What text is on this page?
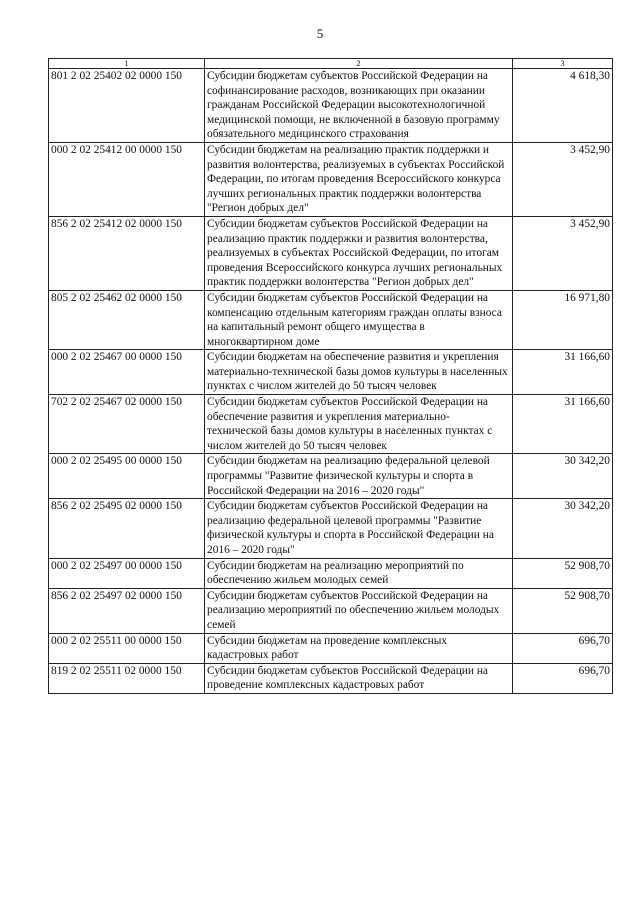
5
1	2	3
801 2 02 25402 02 0000 150	Субсидии бюджетам субъектов Российской Федерации на софинансирование расходов, возникающих при оказании гражданам Российской Федерации высокотехнологичной медицинской помощи, не включенной в базовую программу обязательного медицинского страхования	4 618,30
000 2 02 25412 00 0000 150	Субсидии бюджетам на реализацию практик поддержки и развития волонтерства, реализуемых в субъектах Российской Федерации, по итогам проведения Всероссийского конкурса лучших региональных практик поддержки волонтерства "Регион добрых дел"	3 452,90
856 2 02 25412 02 0000 150	Субсидии бюджетам субъектов Российской Федерации на реализацию практик поддержки и развития волонтерства, реализуемых в субъектах Российской Федерации, по итогам проведения Всероссийского конкурса лучших региональных практик поддержки волонтерства "Регион добрых дел"	3 452,90
805 2 02 25462 02 0000 150	Субсидии бюджетам субъектов Российской Федерации на компенсацию отдельным категориям граждан оплаты взноса на капитальный ремонт общего имущества в многоквартирном доме	16 971,80
000 2 02 25467 00 0000 150	Субсидии бюджетам на обеспечение развития и укрепления материально-технической базы домов культуры в населенных пунктах с числом жителей до 50 тысяч человек	31 166,60
702 2 02 25467 02 0000 150	Субсидии бюджетам субъектов Российской Федерации на обеспечение развития и укрепления материально-технической базы домов культуры в населенных пунктах с числом жителей до 50 тысяч человек	31 166,60
000 2 02 25495 00 0000 150	Субсидии бюджетам на реализацию федеральной целевой программы "Развитие физической культуры и спорта в Российской Федерации на 2016 – 2020 годы"	30 342,20
856 2 02 25495 02 0000 150	Субсидии бюджетам субъектов Российской Федерации на реализацию федеральной целевой программы "Развитие физической культуры и спорта в Российской Федерации на 2016 – 2020 годы"	30 342,20
000 2 02 25497 00 0000 150	Субсидии бюджетам на реализацию мероприятий по обеспечению жильем молодых семей	52 908,70
856 2 02 25497 02 0000 150	Субсидии бюджетам субъектов Российской Федерации на реализацию мероприятий по обеспечению жильем молодых семей	52 908,70
000 2 02 25511 00 0000 150	Субсидии бюджетам на проведение комплексных кадастровых работ	696,70
819 2 02 25511 02 0000 150	Субсидии бюджетам субъектов Российской Федерации на проведение комплексных кадастровых работ	696,70
